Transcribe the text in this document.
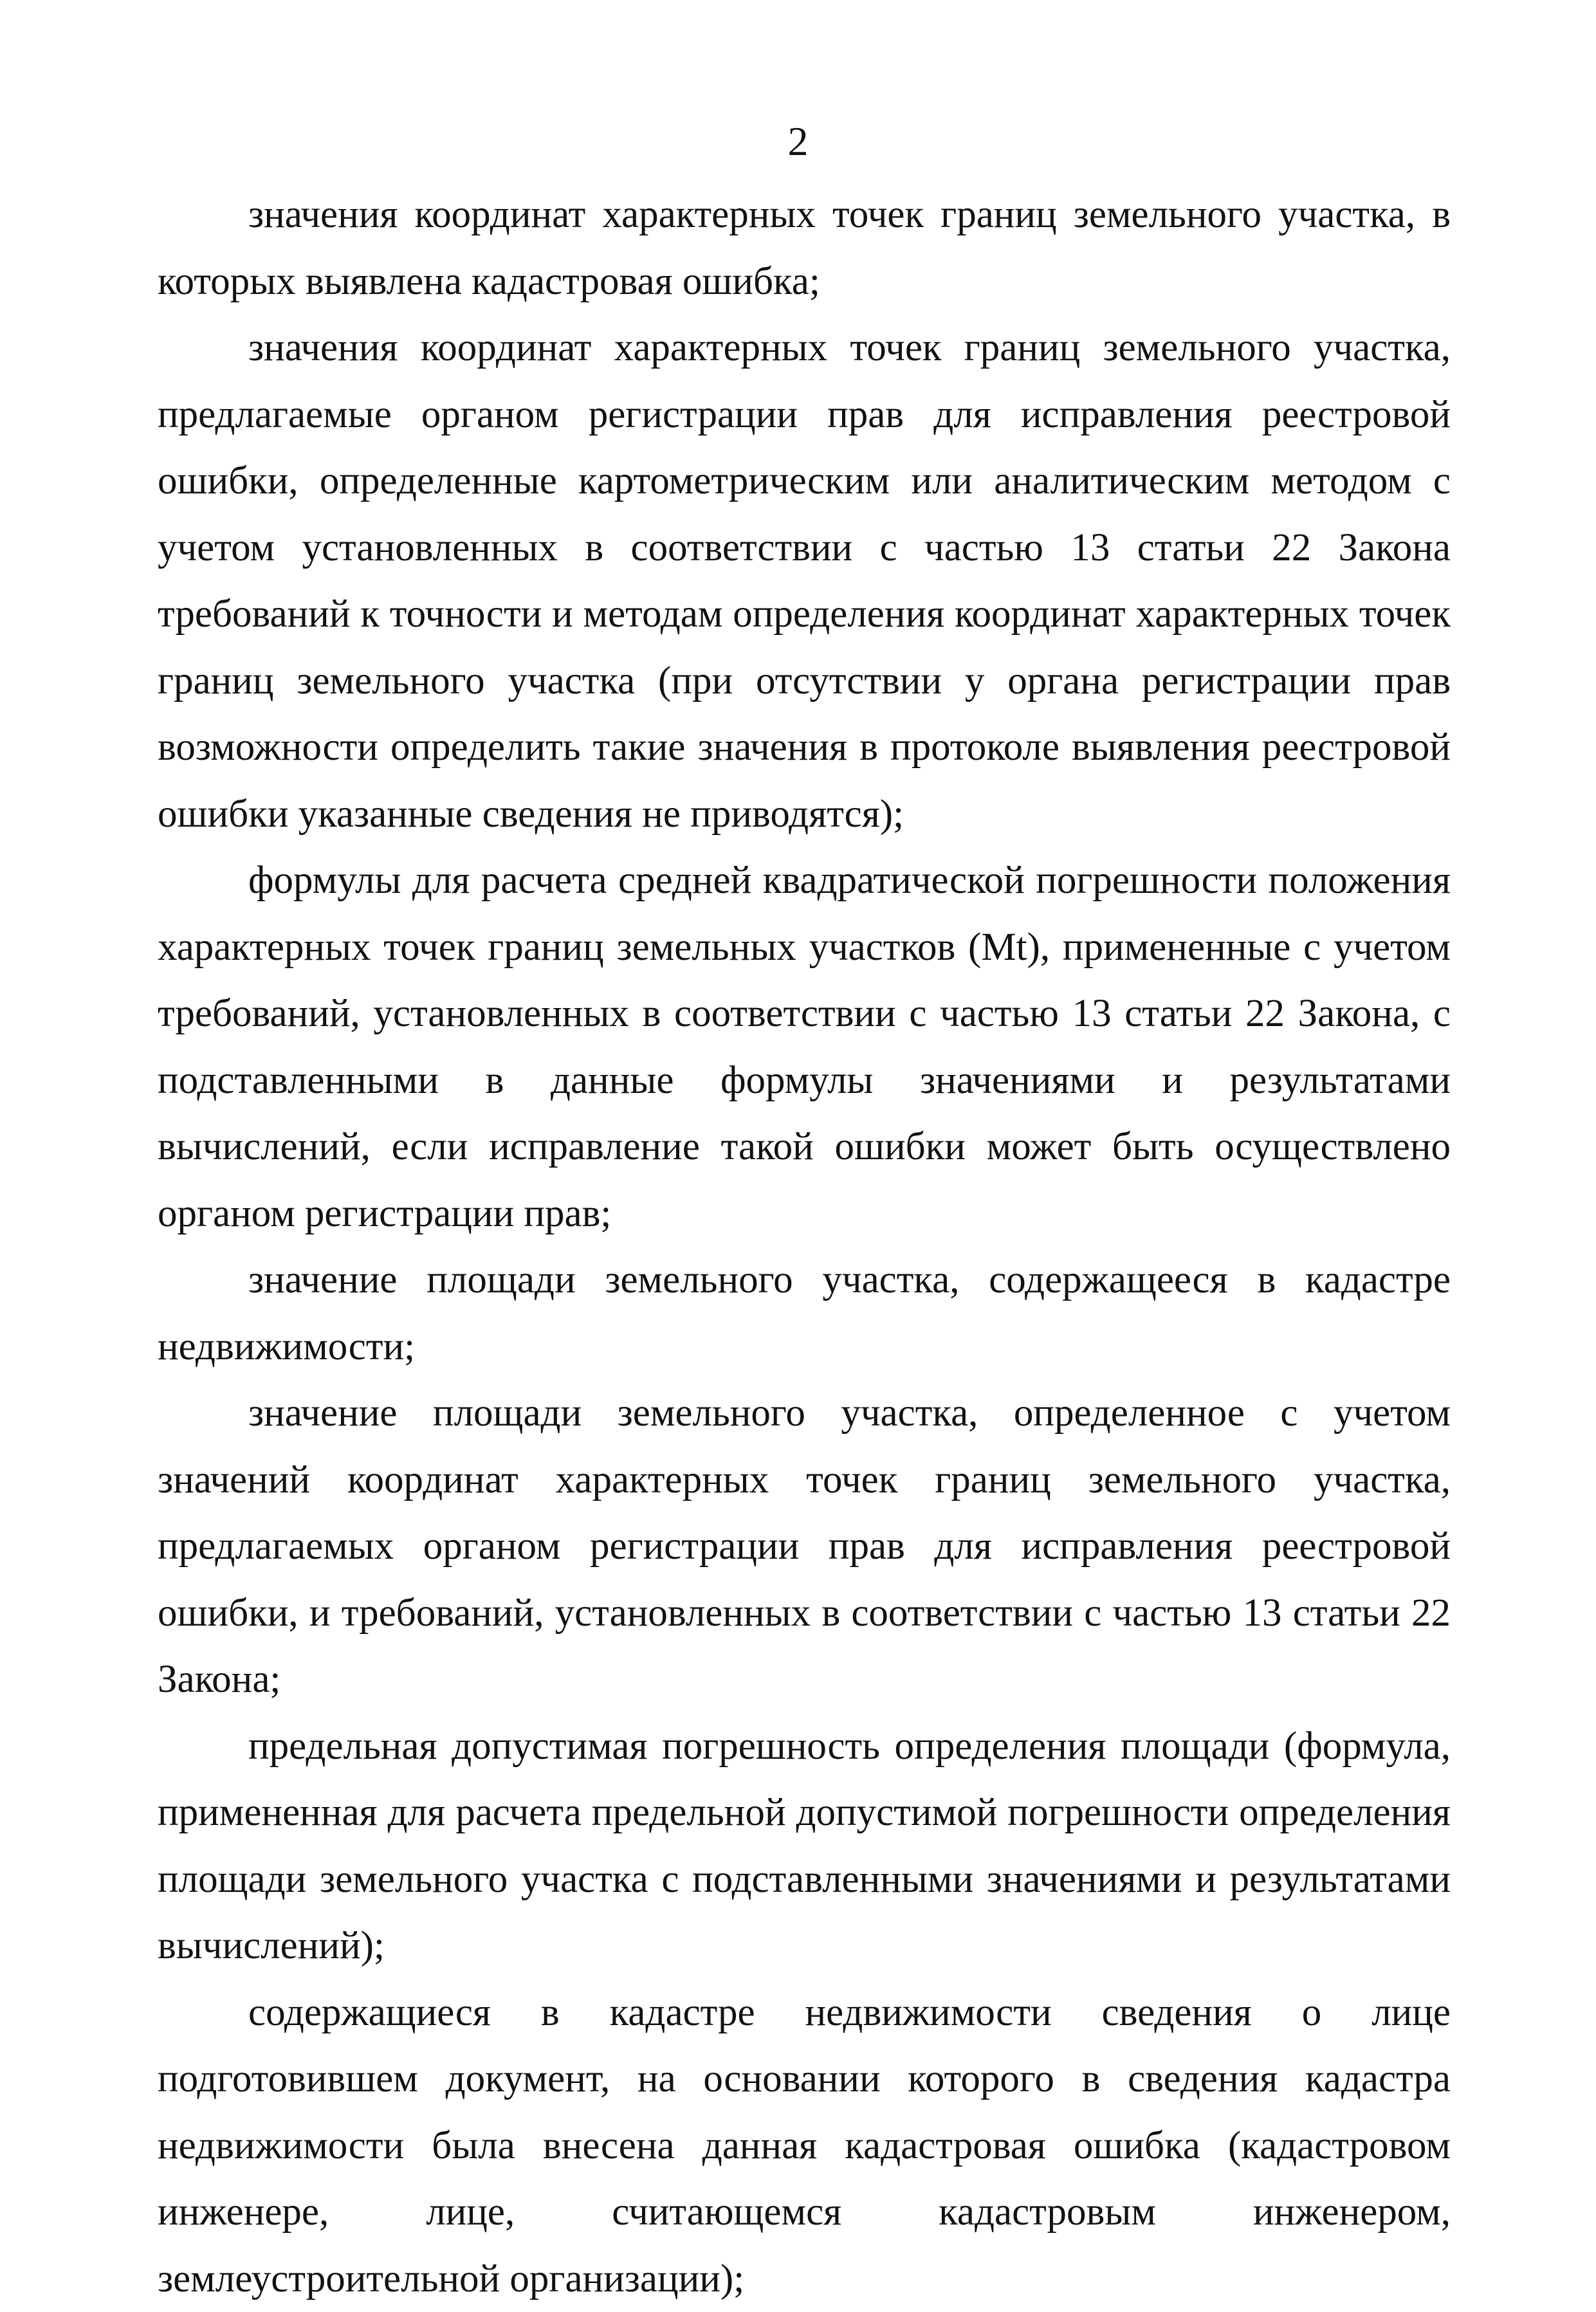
2

значения координат характерных точек границ земельного участка, в которых выявлена кадастровая ошибка;

значения координат характерных точек границ земельного участка, предлагаемые органом регистрации прав для исправления реестровой ошибки, определенные картометрическим или аналитическим методом с учетом установленных в соответствии с частью 13 статьи 22 Закона требований к точности и методам определения координат характерных точек границ земельного участка (при отсутствии у органа регистрации прав возможности определить такие значения в протоколе выявления реестровой ошибки указанные сведения не приводятся);

формулы для расчета средней квадратической погрешности положения характерных точек границ земельных участков (Mt), примененные с учетом требований, установленных в соответствии с частью 13 статьи 22 Закона, с подставленными в данные формулы значениями и результатами вычислений, если исправление такой ошибки может быть осуществлено органом регистрации прав;

значение площади земельного участка, содержащееся в кадастре недвижимости;

значение площади земельного участка, определенное с учетом значений координат характерных точек границ земельного участка, предлагаемых органом регистрации прав для исправления реестровой ошибки, и требований, установленных в соответствии с частью 13 статьи 22 Закона;

предельная допустимая погрешность определения площади (формула, примененная для расчета предельной допустимой погрешности определения площади земельного участка с подставленными значениями и результатами вычислений);

содержащиеся в кадастре недвижимости сведения о лице подготовившем документ, на основании которого в сведения кадастра недвижимости была внесена данная кадастровая ошибка (кадастровом инженере, лице, считающемся кадастровым инженером, землеустроительной организации);
